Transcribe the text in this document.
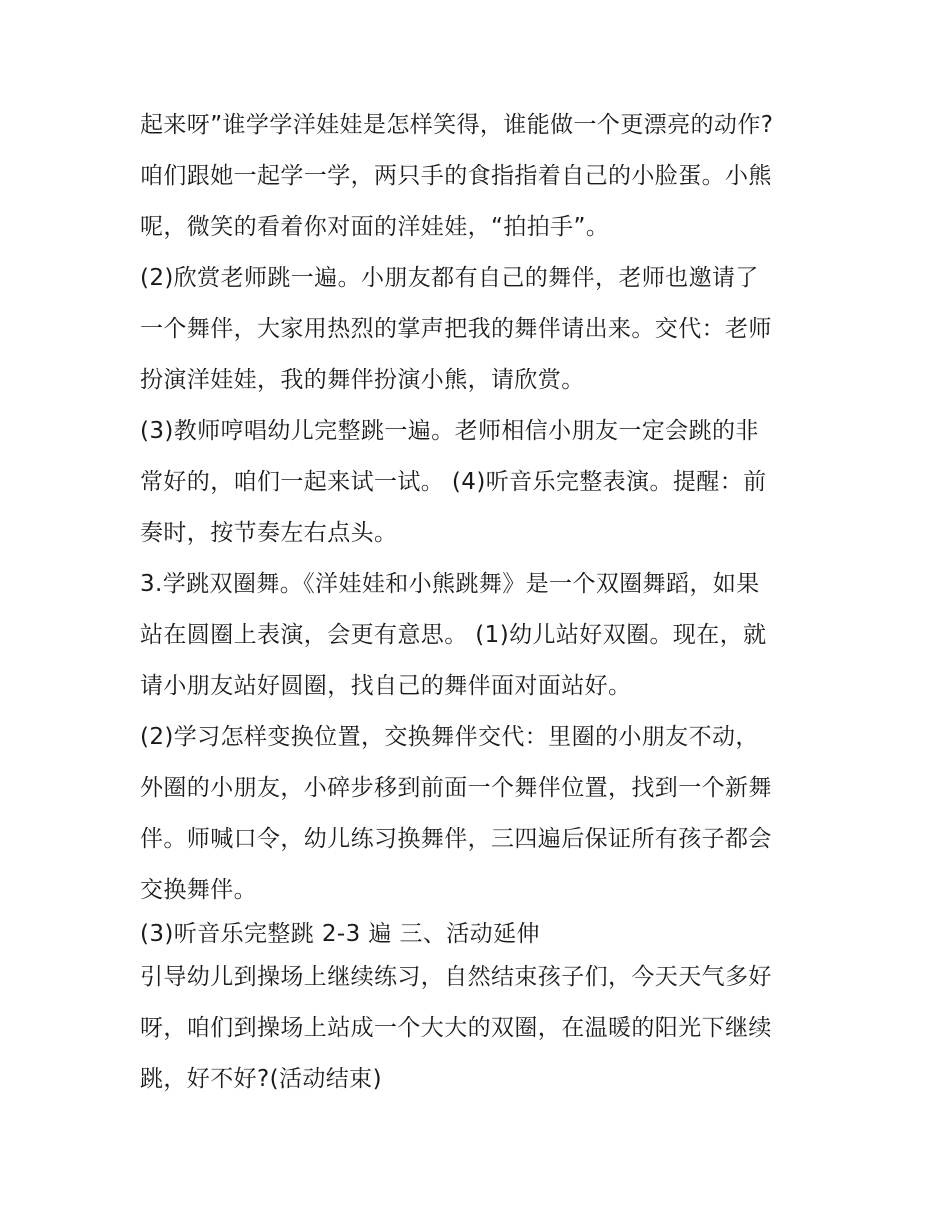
起来呀”谁学学洋娃娃是怎样笑得，谁能做一个更漂亮的动作?
咱们跟她一起学一学，两只手的食指指着自己的小脸蛋。小熊
呢，微笑的看着你对面的洋娃娃，“拍拍手”。
(2)欣赏老师跳一遍。小朋友都有自己的舞伴，老师也邀请了
一个舞伴，大家用热烈的掌声把我的舞伴请出来。交代：老师
扮演洋娃娃，我的舞伴扮演小熊，请欣赏。
(3)教师哼唱幼儿完整跳一遍。老师相信小朋友一定会跳的非
常好的，咱们一起来试一试。 (4)听音乐完整表演。提醒：前
奏时，按节奏左右点头。
3.学跳双圈舞。《洋娃娃和小熊跳舞》是一个双圈舞蹈，如果
站在圆圈上表演，会更有意思。 (1)幼儿站好双圈。现在，就
请小朋友站好圆圈，找自己的舞伴面对面站好。
(2)学习怎样变换位置，交换舞伴交代：里圈的小朋友不动，
外圈的小朋友，小碎步移到前面一个舞伴位置，找到一个新舞
伴。师喊口令，幼儿练习换舞伴，三四遍后保证所有孩子都会
交换舞伴。
(3)听音乐完整跳 2-3 遍 三、活动延伸
引导幼儿到操场上继续练习，自然结束孩子们，今天天气多好
呀，咱们到操场上站成一个大大的双圈，在温暖的阳光下继续
跳，好不好?(活动结束)
